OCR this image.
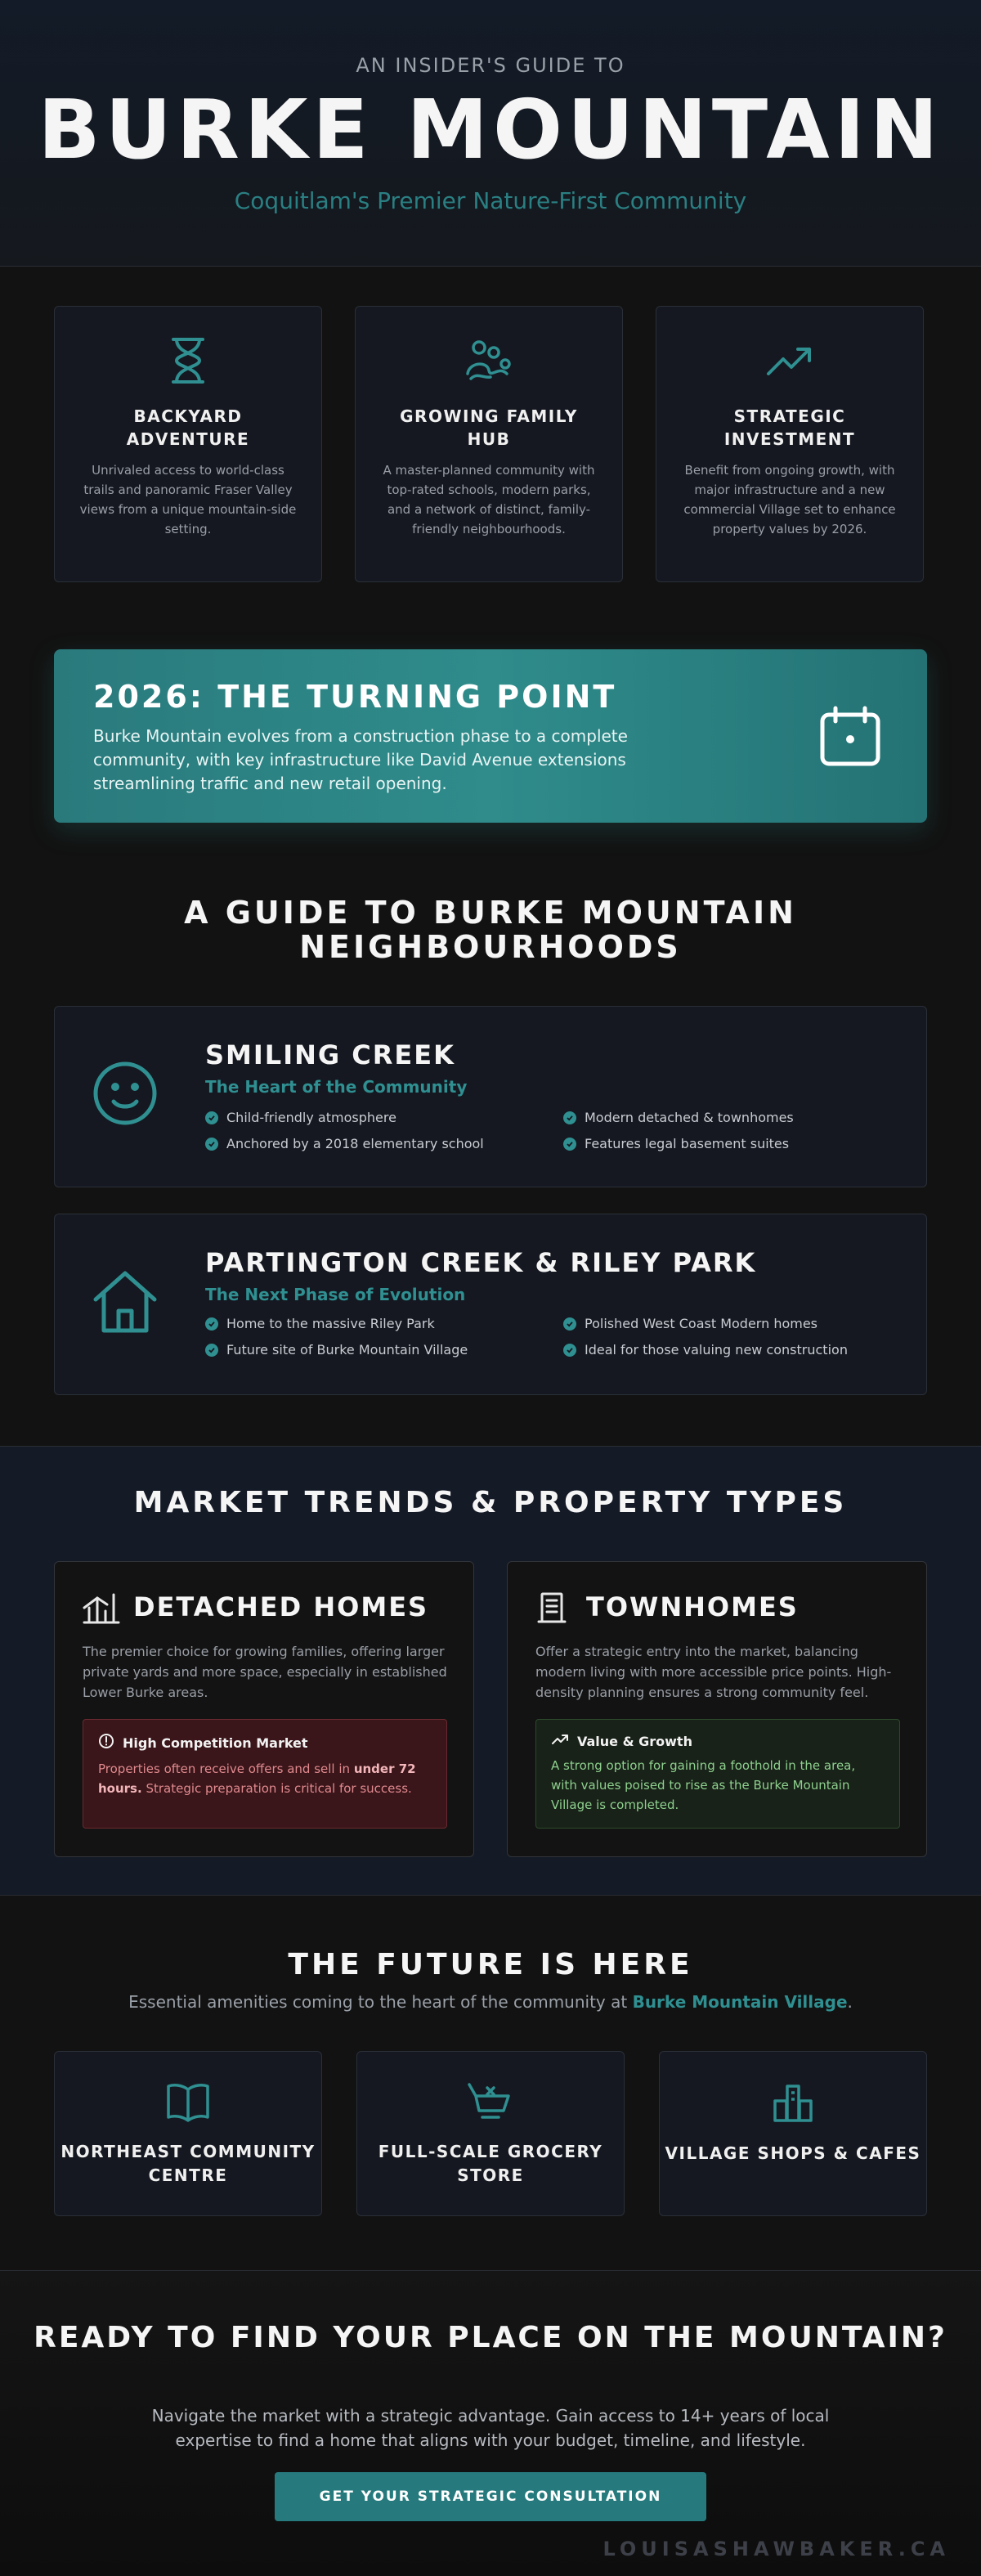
AN INSIDER'S GUIDE TO
BURKE MOUNTAIN
Coquitlam's Premier Nature-First Community
BACKYARD ADVENTURE
Unrivaled access to world-class trails and panoramic Fraser Valley views from a unique mountain-side setting.
GROWING FAMILY HUB
A master-planned community with top-rated schools, modern parks, and a network of distinct, family-friendly neighbourhoods.
STRATEGIC INVESTMENT
Benefit from ongoing growth, with major infrastructure and a new commercial Village set to enhance property values by 2026.
2026: THE TURNING POINT
Burke Mountain evolves from a construction phase to a complete community, with key infrastructure like David Avenue extensions streamlining traffic and new retail opening.
A GUIDE TO BURKE MOUNTAIN NEIGHBOURHOODS
SMILING CREEK
The Heart of the Community
Child-friendly atmosphere	Modern detached & townhomes
Anchored by a 2018 elementary school	Features legal basement suites
PARTINGTON CREEK & RILEY PARK
The Next Phase of Evolution
Home to the massive Riley Park	Polished West Coast Modern homes
Future site of Burke Mountain Village	Ideal for those valuing new construction
MARKET TRENDS & PROPERTY TYPES
DETACHED HOMES

The premier choice for growing families, offering larger private yards and more space, especially in established Lower Burke areas.

High Competition Market
Properties often receive offers and sell in under 72 hours. Strategic preparation is critical for success.
TOWNHOMES

Offer a strategic entry into the market, balancing modern living with more accessible price points. High-density planning ensures a strong community feel.

Value & Growth
A strong option for gaining a foothold in the area, with values poised to rise as the Burke Mountain Village is completed.
THE FUTURE IS HERE

Essential amenities coming to the heart of the community at Burke Mountain Village.

NORTHEAST COMMUNITY CENTRE
FULL-SCALE GROCERY STORE
VILLAGE SHOPS & CAFES
READY TO FIND YOUR PLACE ON THE MOUNTAIN?

Navigate the market with a strategic advantage. Gain access to 14+ years of local expertise to find a home that aligns with your budget, timeline, and lifestyle.

GET YOUR STRATEGIC CONSULTATION
LOUISASHAWBAKER.CA
